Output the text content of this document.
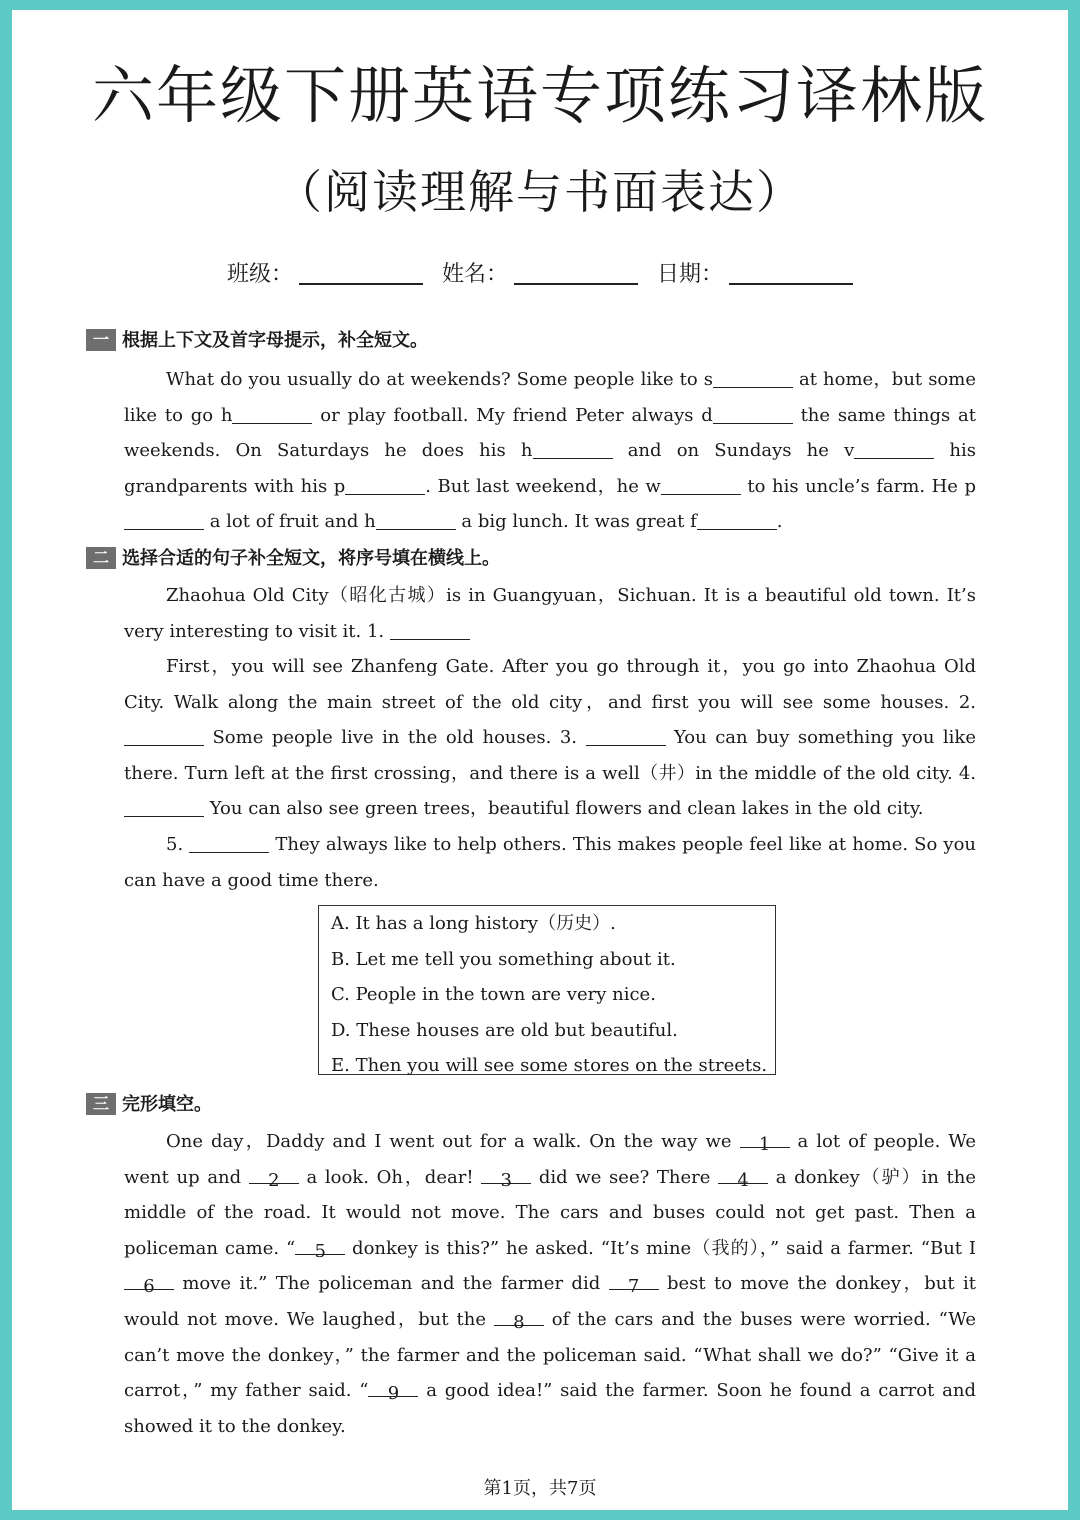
六年级下册英语专项练习译林版
（阅读理解与书面表达）
班级：	姓名：	日期：
一 根据上下文及首字母提示，补全短文。

What do you usually do at weekends? Some people like to s	at home，but some like to go h	or play football. My friend Peter always d	the same things at weekends. On Saturdays he does his h	and on Sundays he v	his grandparents with his p	. But last weekend，he w	to his uncle’s farm. He p a lot of fruit and h	a big lunch. It was great f	.

二 选择合适的句子补全短文，将序号填在横线上。

Zhaohua Old City（昭化古城）is in Guangyuan，Sichuan. It is a beautiful old town. It’s very interesting to visit it. 1.

First，you will see Zhanfeng Gate. After you go through it，you go into Zhaohua Old City. Walk along the main street of the old city，and first you will see some houses. 2.  Some people live in the old houses. 3.	You can buy something you like there. Turn left at the first crossing，and there is a well（井）in the middle of the old city. 4.  You can also see green trees，beautiful flowers and clean lakes in the old city.

5.	They always like to help others. This makes people feel like at home. So you can have a good time there.

A. It has a long history（历史）.
B. Let me tell you something about it.
C. People in the town are very nice.
D. These houses are old but beautiful.
E. Then you will see some stores on the streets.
三 完形填空。

One day，Daddy and I went out for a walk. On the way we 1 a lot of people. We went up and 2 a look. Oh，dear! 3 did we see? There 4 a donkey（驴）in the middle of the road. It would not move. The cars and buses could not get past. Then a policeman came. “ 5 donkey is this?” he asked. “It’s mine（我的），” said a farmer. “But I 6 move it.” The policeman and the farmer did 7 best to move the donkey，but it would not move. We laughed，but the 8 of the cars and the buses were worried. “We can’t move the donkey，” the farmer and the policeman said. “What shall we do?” “Give it a carrot，” my father said. “ 9 a good idea!” said the farmer. Soon he found a carrot and showed it to the donkey.

第1页，共7页
